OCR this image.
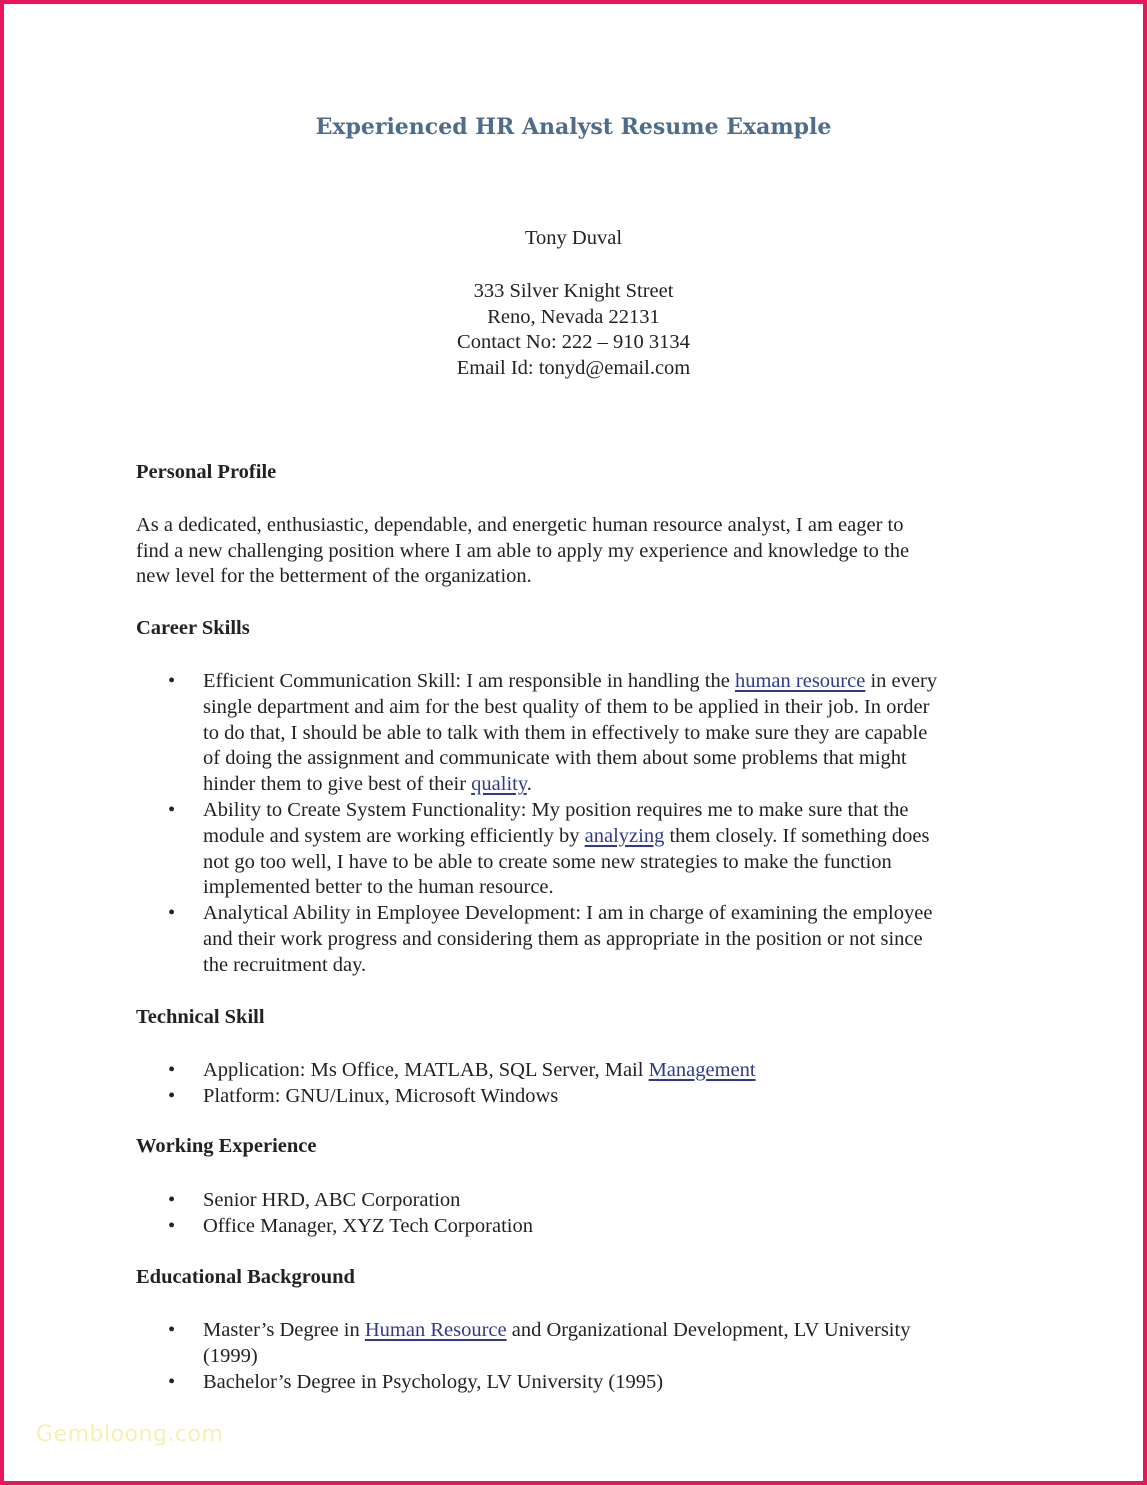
Experienced HR Analyst Resume Example
Tony Duval
333 Silver Knight Street
Reno, Nevada 22131
Contact No: 222 – 910 3134
Email Id: tonyd@email.com
Personal Profile
As a dedicated, enthusiastic, dependable, and energetic human resource analyst, I am eager to
find a new challenging position where I am able to apply my experience and knowledge to the
new level for the betterment of the organization.
Career Skills
• Efficient Communication Skill: I am responsible in handling the human resource in every
single department and aim for the best quality of them to be applied in their job. In order
to do that, I should be able to talk with them in effectively to make sure they are capable
of doing the assignment and communicate with them about some problems that might
hinder them to give best of their quality.
• Ability to Create System Functionality: My position requires me to make sure that the
module and system are working efficiently by analyzing them closely. If something does
not go too well, I have to be able to create some new strategies to make the function
implemented better to the human resource.
• Analytical Ability in Employee Development: I am in charge of examining the employee
and their work progress and considering them as appropriate in the position or not since
the recruitment day.
Technical Skill
• Application: Ms Office, MATLAB, SQL Server, Mail Management
• Platform: GNU/Linux, Microsoft Windows
Working Experience
• Senior HRD, ABC Corporation
• Office Manager, XYZ Tech Corporation
Educational Background
• Master’s Degree in Human Resource and Organizational Development, LV University
(1999)
• Bachelor’s Degree in Psychology, LV University (1995)
Gembloong.com
